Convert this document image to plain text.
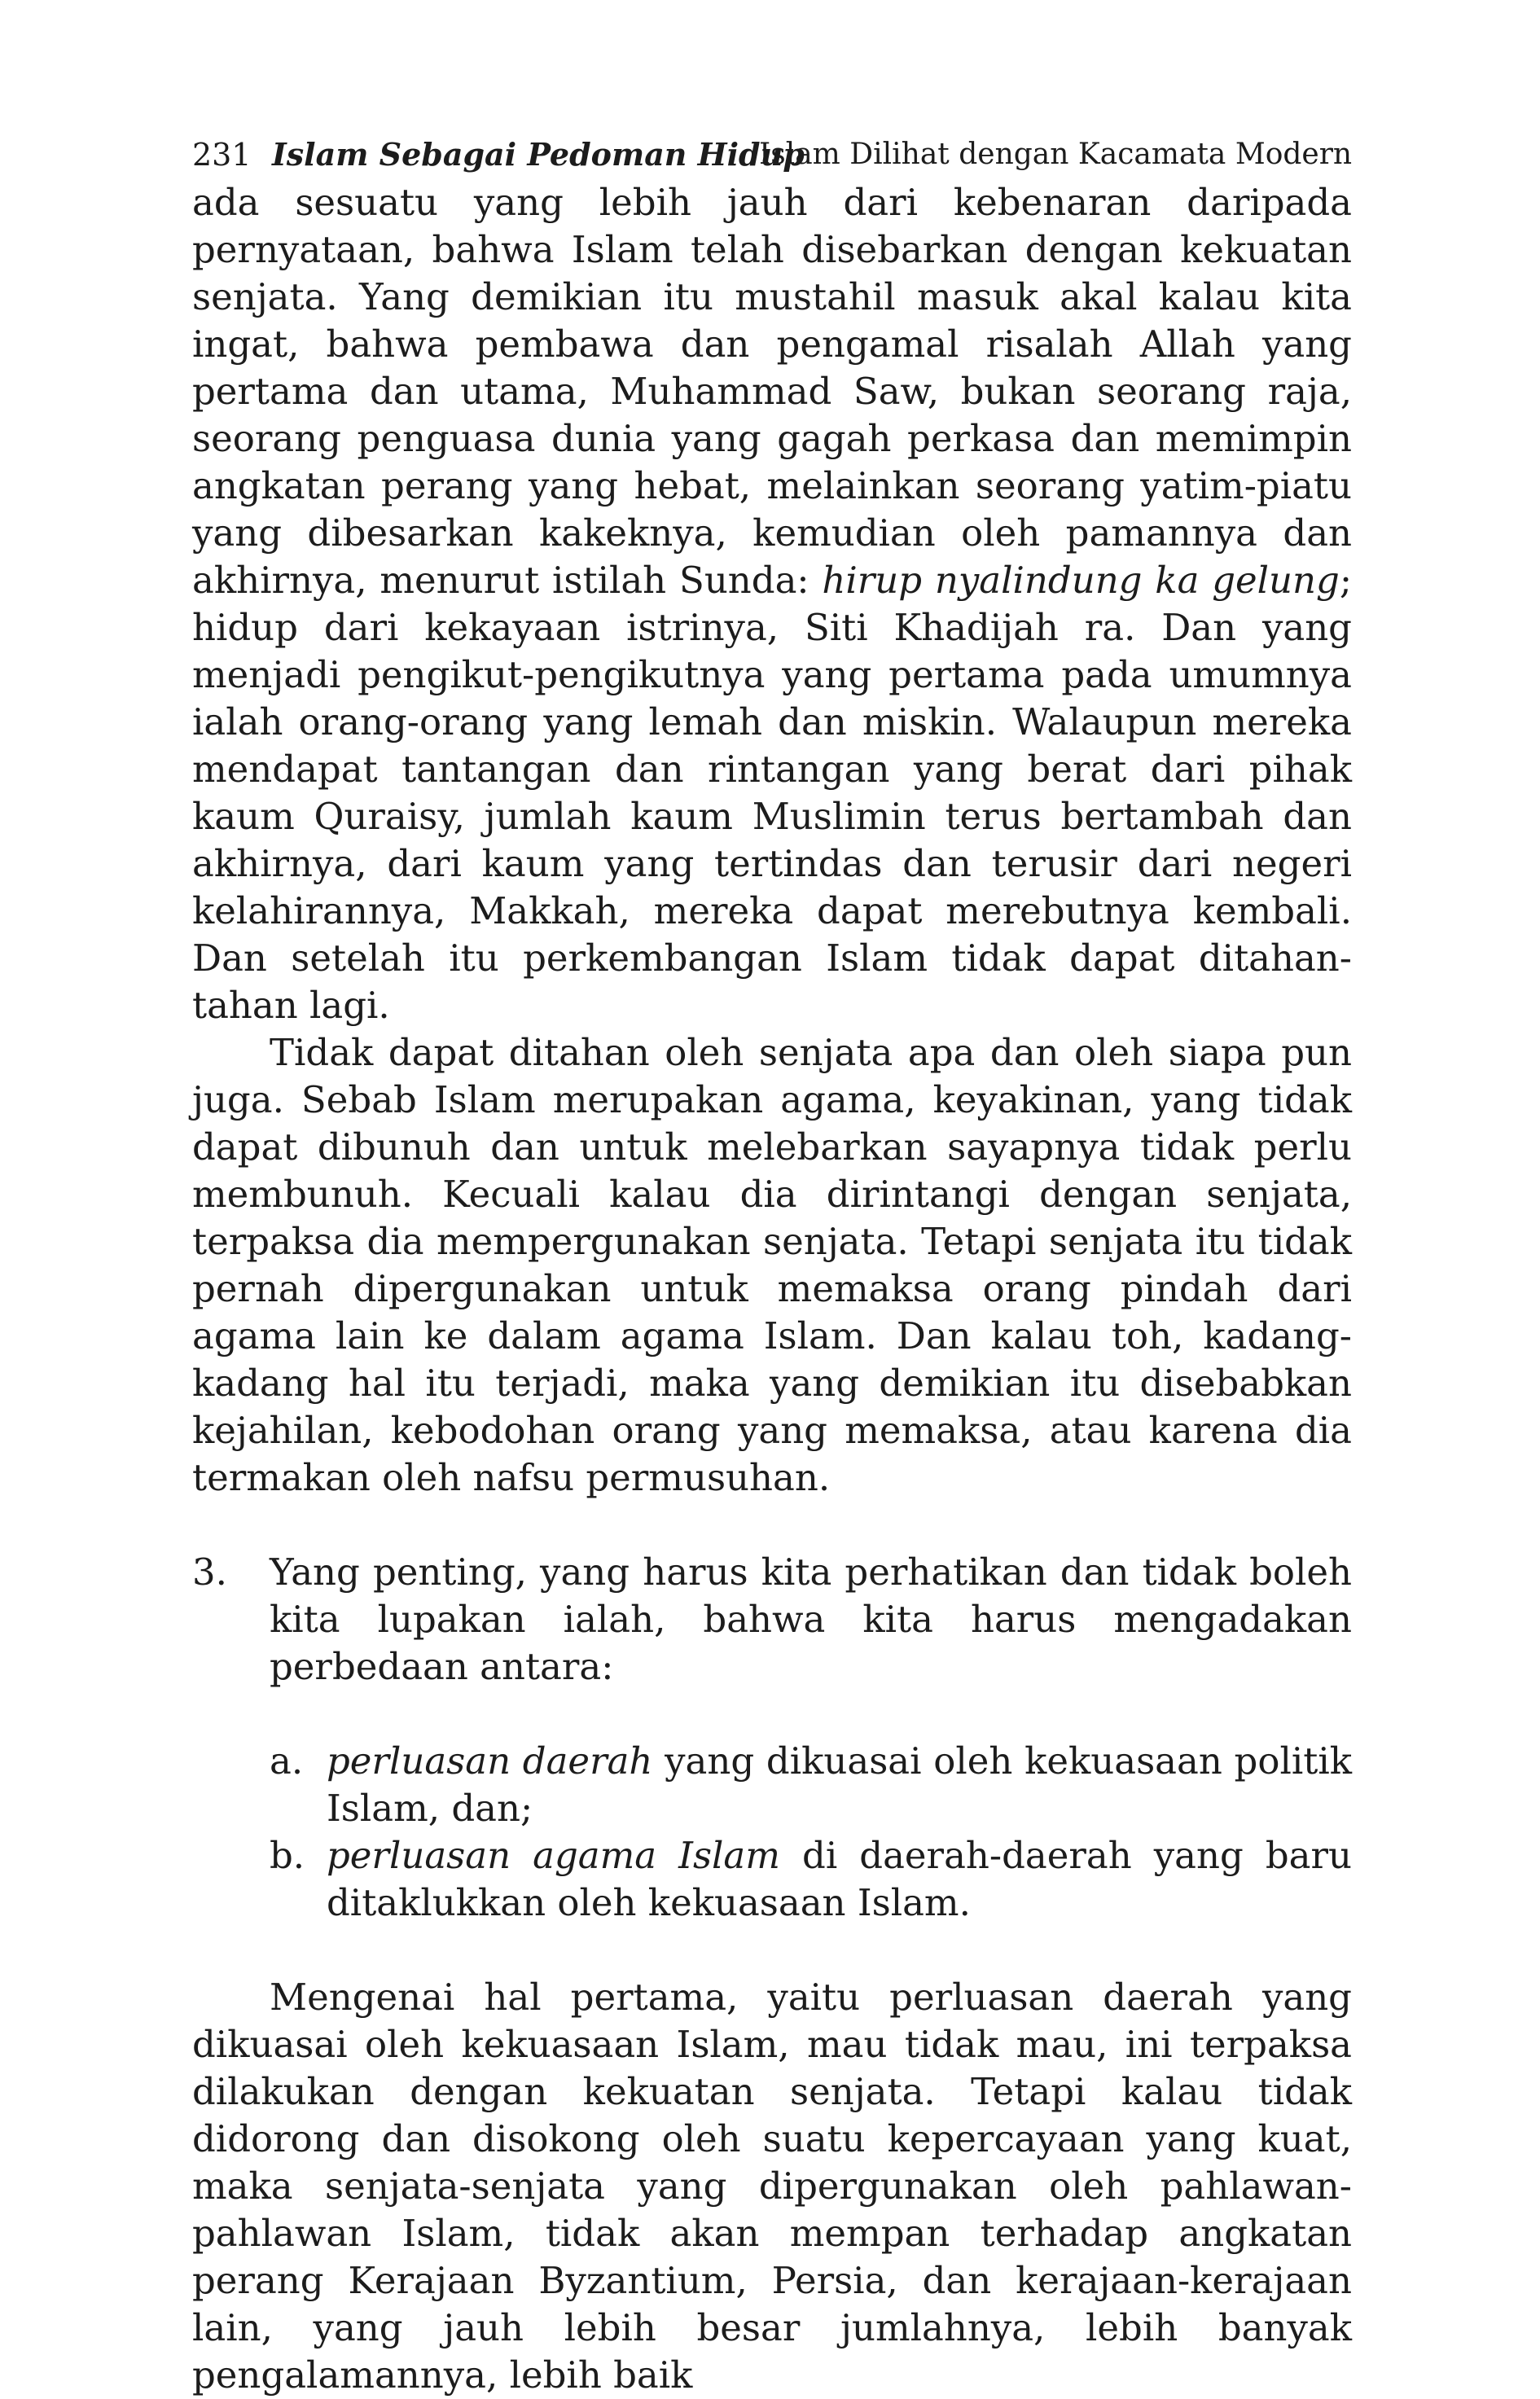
231 Islam Sebagai Pedoman Hidup
Islam Dilihat dengan Kacamata Modern

ada sesuatu yang lebih jauh dari kebenaran daripada pernyataan, bahwa Islam telah disebarkan dengan kekuatan senjata. Yang demikian itu mustahil masuk akal kalau kita ingat, bahwa pembawa dan pengamal risalah Allah yang pertama dan utama, Muhammad Saw, bukan seorang raja, seorang penguasa dunia yang gagah perkasa dan memimpin angkatan perang yang hebat, melainkan seorang yatim-piatu yang dibesarkan kakeknya, kemudian oleh pamannya dan akhirnya, menurut istilah Sunda: hirup nyalindung ka gelung; hidup dari kekayaan istrinya, Siti Khadijah ra. Dan yang menjadi pengikut-pengikutnya yang pertama pada umumnya ialah orang-orang yang lemah dan miskin. Walaupun mereka mendapat tantangan dan rintangan yang berat dari pihak kaum Quraisy, jumlah kaum Muslimin terus bertambah dan akhirnya, dari kaum yang tertindas dan terusir dari negeri kelahirannya, Makkah, mereka dapat merebutnya kembali. Dan setelah itu perkembangan Islam tidak dapat ditahan-tahan lagi.

Tidak dapat ditahan oleh senjata apa dan oleh siapa pun juga. Sebab Islam merupakan agama, keyakinan, yang tidak dapat dibunuh dan untuk melebarkan sayapnya tidak perlu membunuh. Kecuali kalau dia dirintangi dengan senjata, terpaksa dia mempergunakan senjata. Tetapi senjata itu tidak pernah dipergunakan untuk memaksa orang pindah dari agama lain ke dalam agama Islam. Dan kalau toh, kadang-kadang hal itu terjadi, maka yang demikian itu disebabkan kejahilan, kebodohan orang yang memaksa, atau karena dia termakan oleh nafsu permusuhan.

3.	Yang penting, yang harus kita perhatikan dan tidak boleh kita lupakan ialah, bahwa kita harus mengadakan perbedaan antara:
a. perluasan daerah yang dikuasai oleh kekuasaan politik Islam, dan;
b. perluasan agama Islam di daerah-daerah yang baru ditaklukkan oleh kekuasaan Islam.

Mengenai hal pertama, yaitu perluasan daerah yang dikuasai oleh kekuasaan Islam, mau tidak mau, ini terpaksa dilakukan dengan kekuatan senjata. Tetapi kalau tidak didorong dan disokong oleh suatu kepercayaan yang kuat, maka senjata-senjata yang dipergunakan oleh pahlawan-pahlawan Islam, tidak akan mempan terhadap angkatan perang Kerajaan Byzantium, Persia, dan kerajaan-kerajaan lain, yang jauh lebih besar jumlahnya, lebih banyak pengalamannya, lebih baik
